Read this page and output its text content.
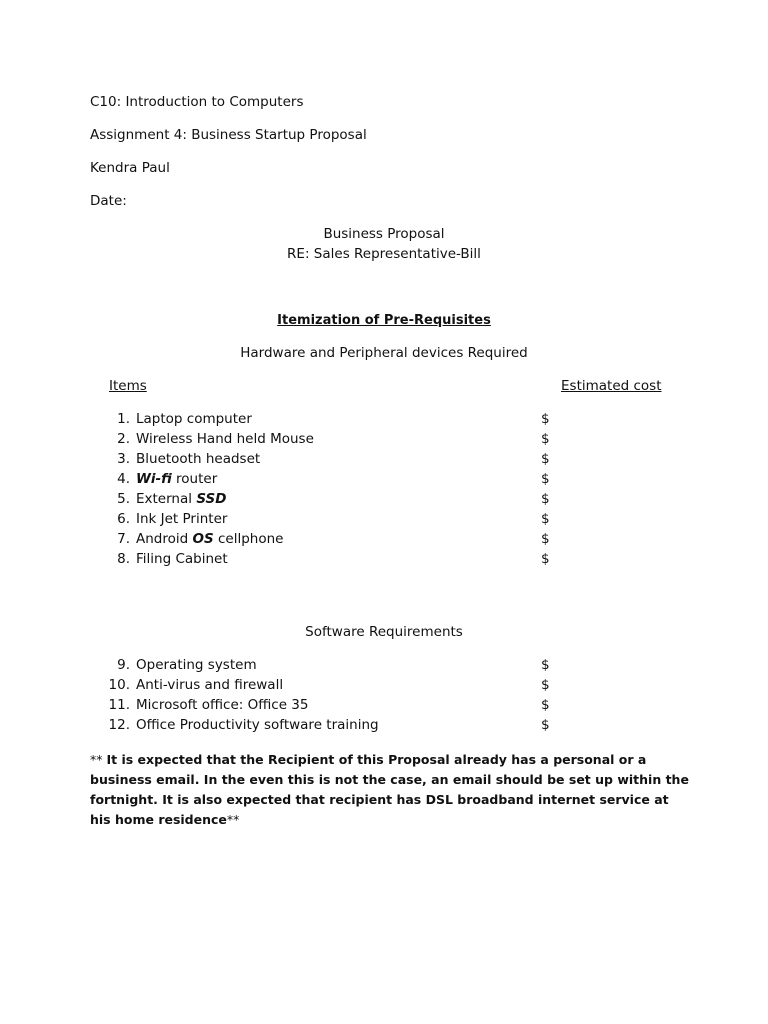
C10: Introduction to Computers
Assignment 4: Business Startup Proposal
Kendra Paul
Date:
Business Proposal
RE: Sales Representative-Bill
Itemization of Pre-Requisites
Hardware and Peripheral devices Required
Items	Estimated cost
1. Laptop computer	$
2. Wireless Hand held Mouse	$
3. Bluetooth headset	$
4. Wi-fi router	$
5. External SSD	$
6. Ink Jet Printer	$
7. Android OS cellphone	$
8. Filing Cabinet	$
Software Requirements
9. Operating system	$
10. Anti-virus and firewall	$
11. Microsoft office: Office 35	$
12. Office Productivity software training	$
** It is expected that the Recipient of this Proposal already has a personal or a business email. In the even this is not the case, an email should be set up within the fortnight. It is also expected that recipient has DSL broadband internet service at his home residence**
